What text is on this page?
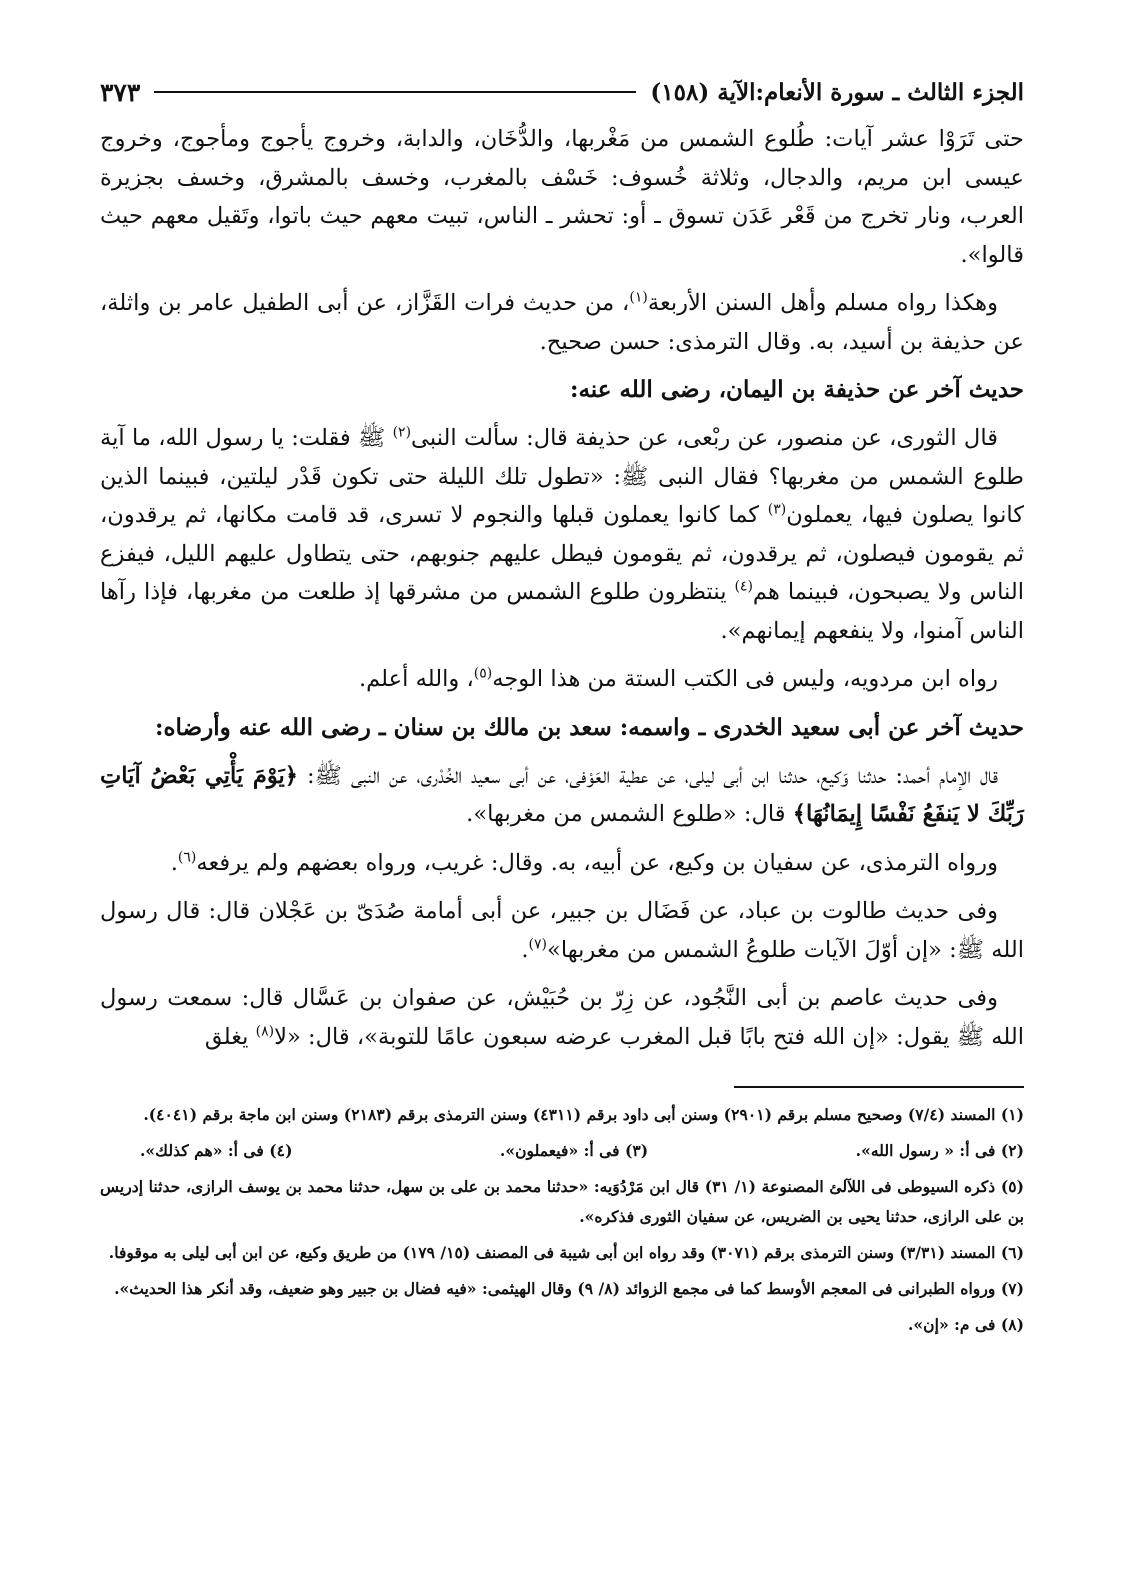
الجزء الثالث ـ سورة الأنعام:الآية (١٥٨)
٣٧٣

حتى تَرَوْا عشر آيات: طُلوع الشمس من مَغْربها، والدُّخَان، والدابة، وخروج يأجوج ومأجوج، وخروج عيسى ابن مريم، والدجال، وثلاثة خُسوف: خَسْف بالمغرب، وخسف بالمشرق، وخسف بجزيرة العرب، ونار تخرج من قَعْر عَدَن تسوق ـ أو: تحشر ـ الناس، تبيت معهم حيث باتوا، وتَقيل معهم حيث قالوا».

وهكذا رواه مسلم وأهل السنن الأربعة$^{(١)}$، من حديث فرات القَزَّاز، عن أبى الطفيل عامر بن واثلة، عن حذيفة بن أسيد، به. وقال الترمذى: حسن صحيح.

حديث آخر عن حذيفة بن اليمان، رضى الله عنه:

قال الثورى، عن منصور، عن ربْعى، عن حذيفة قال: سألت النبى$^{(٢)}$ ﷺ فقلت: يا رسول الله، ما آية طلوع الشمس من مغربها؟ فقال النبى ﷺ: «تطول تلك الليلة حتى تكون قَدْر ليلتين، فبينما الذين كانوا يصلون فيها، يعملون$^{(٣)}$ كما كانوا يعملون قبلها والنجوم لا تسرى، قد قامت مكانها، ثم يرقدون، ثم يقومون فيصلون، ثم يرقدون، ثم يقومون فيطل عليهم جنوبهم، حتى يتطاول عليهم الليل، فيفزع الناس ولا يصبحون، فبينما هم$^{(٤)}$ ينتظرون طلوع الشمس من مشرقها إذ طلعت من مغربها، فإذا رآها الناس آمنوا، ولا ينفعهم إيمانهم».

رواه ابن مردويه، وليس فى الكتب الستة من هذا الوجه$^{(٥)}$، والله أعلم.

حديث آخر عن أبى سعيد الخدرى ـ واسمه: سعد بن مالك بن سنان ـ رضى الله عنه وأرضاه:

قال الإمام أحمد: حدثنا وَكيع، حدثنا ابن أبى ليلى، عن عطية العَوْفى، عن أبى سعيد الخُدْرى، عن النبى ﷺ: ﴿يَوْمَ يَأْتِي بَعْضُ آيَاتِ رَبِّكَ لا يَنفَعُ نَفْسًا إِيمَانُهَا﴾ قال: «طلوع الشمس من مغربها».

ورواه الترمذى، عن سفيان بن وكيع، عن أبيه، به. وقال: غريب، ورواه بعضهم ولم يرفعه$^{(٦)}$.

وفى حديث طالوت بن عباد، عن فَضَال بن جبير، عن أبى أمامة صُدَىّ بن عَجْلان قال: قال رسول الله ﷺ: «إن أوّلَ الآيات طلوعُ الشمس من مغربها»$^{(٧)}$.

وفى حديث عاصم بن أبى النَّجُود، عن زِرّ بن حُبَيْش، عن صفوان بن عَسَّال قال: سمعت رسول الله ﷺ يقول: «إن الله فتح بابًا قبل المغرب عرضه سبعون عامًا للتوبة»، قال: «لا$^{(٨)}$ يغلق

(١) المسند (٧/٤) وصحيح مسلم برقم (٢٩٠١) وسنن أبى داود برقم (٤٣١١) وسنن الترمذى برقم (٢١٨٣) وسنن ابن ماجة برقم (٤٠٤١).

(٢) فى أ: « رسول الله».
(٣) فى أ: «فيعملون».
(٤) فى أ: «هم كذلك».

(٥) ذكره السيوطى فى اللآلئ المصنوعة (١/ ٣١) قال ابن مَرْدُوَيه: «حدثنا محمد بن على بن سهل، حدثنا محمد بن يوسف الرازى، حدثنا إدريس بن على الرازى، حدثنا يحيى بن الضريس، عن سفيان الثورى فذكره».

(٦) المسند (٣/٣١) وسنن الترمذى برقم (٣٠٧١) وقد رواه ابن أبى شيبة فى المصنف (١٥/ ١٧٩) من طريق وكيع، عن ابن أبى ليلى به موقوفا.

(٧) ورواه الطبرانى فى المعجم الأوسط كما فى مجمع الزوائد (٨/ ٩) وقال الهيثمى: «فيه فضال بن جبير وهو ضعيف، وقد أنكر هذا الحديث».

(٨) فى م: «إن».
